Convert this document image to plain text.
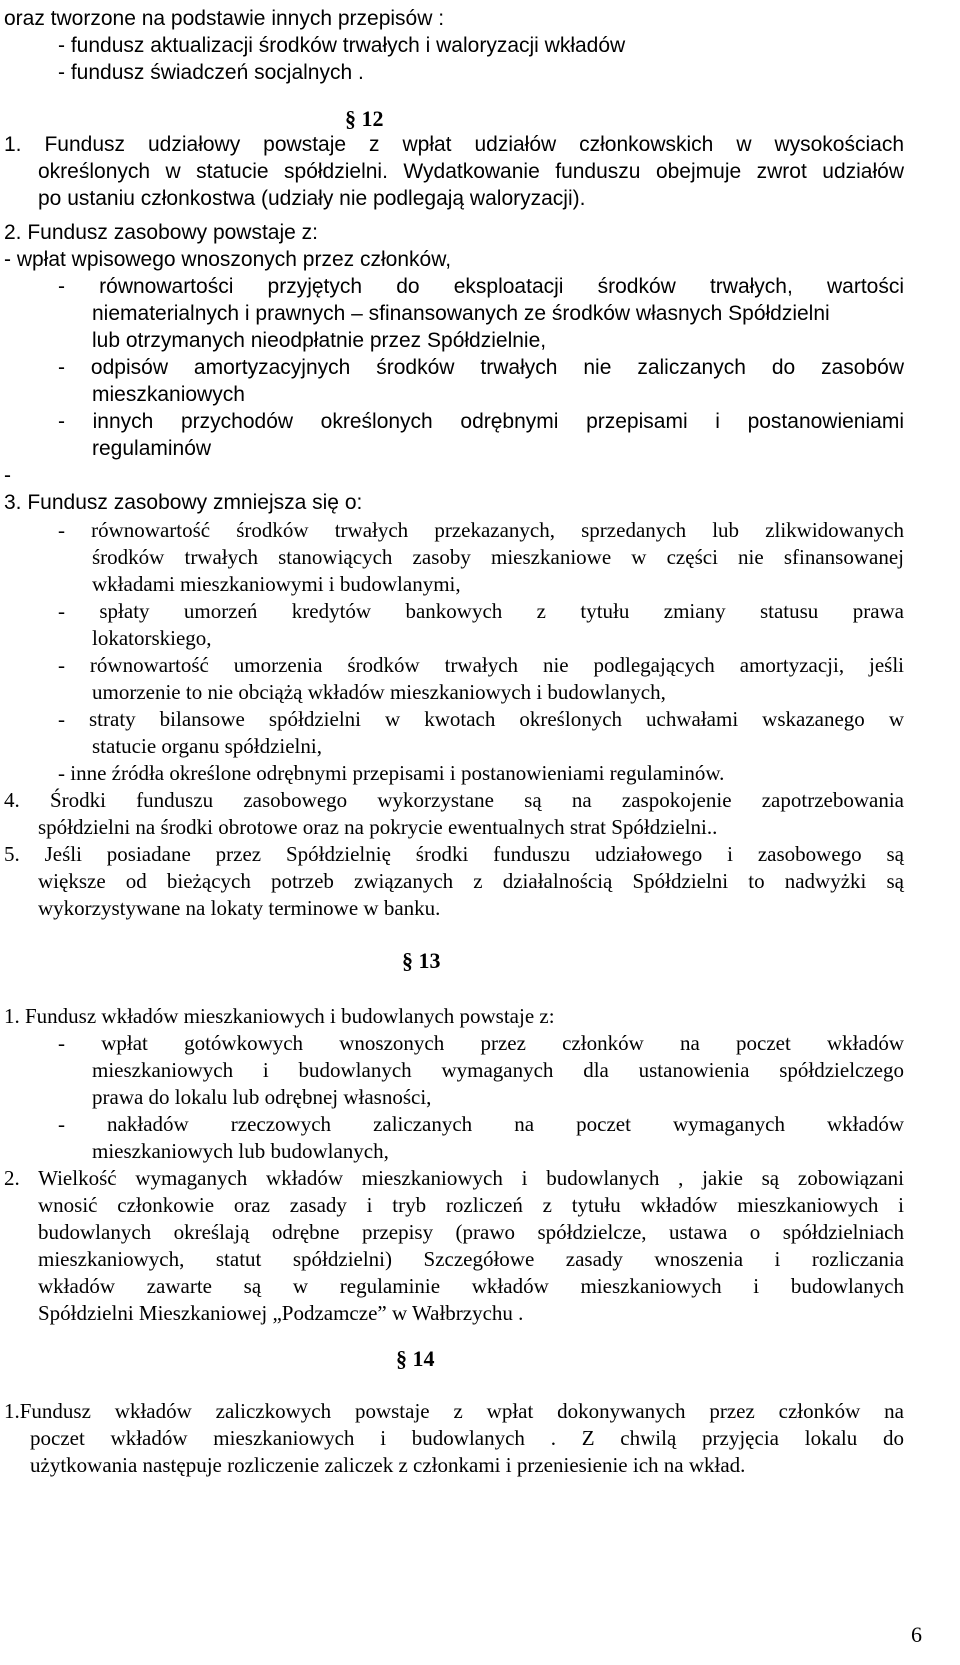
oraz tworzone na podstawie innych przepisów :
- fundusz aktualizacji środków trwałych i waloryzacji wkładów
- fundusz świadczeń socjalnych .
§ 12
1. Fundusz udziałowy powstaje z wpłat udziałów członkowskich w wysokościach
określonych w statucie spółdzielni. Wydatkowanie funduszu obejmuje zwrot udziałów
po ustaniu członkostwa (udziały nie podlegają waloryzacji).
2. Fundusz zasobowy powstaje z:
- wpłat wpisowego wnoszonych przez członków,
- równowartości przyjętych do eksploatacji środków trwałych, wartości
niematerialnych i prawnych – sfinansowanych ze środków własnych Spółdzielni
lub otrzymanych nieodpłatnie przez Spółdzielnie,
- odpisów amortyzacyjnych środków trwałych nie zaliczanych do zasobów
mieszkaniowych
- innych przychodów określonych odrębnymi przepisami i postanowieniami
regulaminów
-
3. Fundusz zasobowy zmniejsza się o:
- równowartość środków trwałych przekazanych, sprzedanych lub zlikwidowanych
środków trwałych stanowiących zasoby mieszkaniowe w części nie sfinansowanej
wkładami mieszkaniowymi i budowlanymi,
- spłaty umorzeń kredytów bankowych z tytułu zmiany statusu prawa
lokatorskiego,
- równowartość umorzenia środków trwałych nie podlegających amortyzacji, jeśli
umorzenie to nie obciążą wkładów mieszkaniowych i budowlanych,
- straty bilansowe spółdzielni w kwotach określonych uchwałami wskazanego w
statucie organu spółdzielni,
- inne źródła określone odrębnymi przepisami i postanowieniami regulaminów.
4. Środki funduszu zasobowego wykorzystane są na zaspokojenie zapotrzebowania
spółdzielni na środki obrotowe oraz na pokrycie ewentualnych strat Spółdzielni..
5. Jeśli posiadane przez Spółdzielnię środki funduszu udziałowego i zasobowego są
większe od bieżących potrzeb związanych z działalnością Spółdzielni to nadwyżki są
wykorzystywane na lokaty terminowe w banku.
§ 13
1. Fundusz wkładów mieszkaniowych i budowlanych powstaje z:
- wpłat gotówkowych wnoszonych przez członków na poczet wkładów
mieszkaniowych i budowlanych wymaganych dla ustanowienia spółdzielczego
prawa do lokalu lub odrębnej własności,
- nakładów rzeczowych zaliczanych na poczet wymaganych wkładów
mieszkaniowych lub budowlanych,
2. Wielkość wymaganych wkładów mieszkaniowych i budowlanych , jakie są zobowiązani
wnosić członkowie oraz zasady i tryb rozliczeń z tytułu wkładów mieszkaniowych i
budowlanych określają odrębne przepisy (prawo spółdzielcze, ustawa o spółdzielniach
mieszkaniowych, statut spółdzielni) Szczegółowe zasady wnoszenia i rozliczania
wkładów zawarte są w regulaminie wkładów mieszkaniowych i budowlanych
Spółdzielni Mieszkaniowej „Podzamcze” w Wałbrzychu .
§ 14
1.Fundusz wkładów zaliczkowych powstaje z wpłat dokonywanych przez członków na
poczet wkładów mieszkaniowych i budowlanych . Z chwilą przyjęcia lokalu do
użytkowania następuje rozliczenie zaliczek z członkami i przeniesienie ich na wkład.
6
